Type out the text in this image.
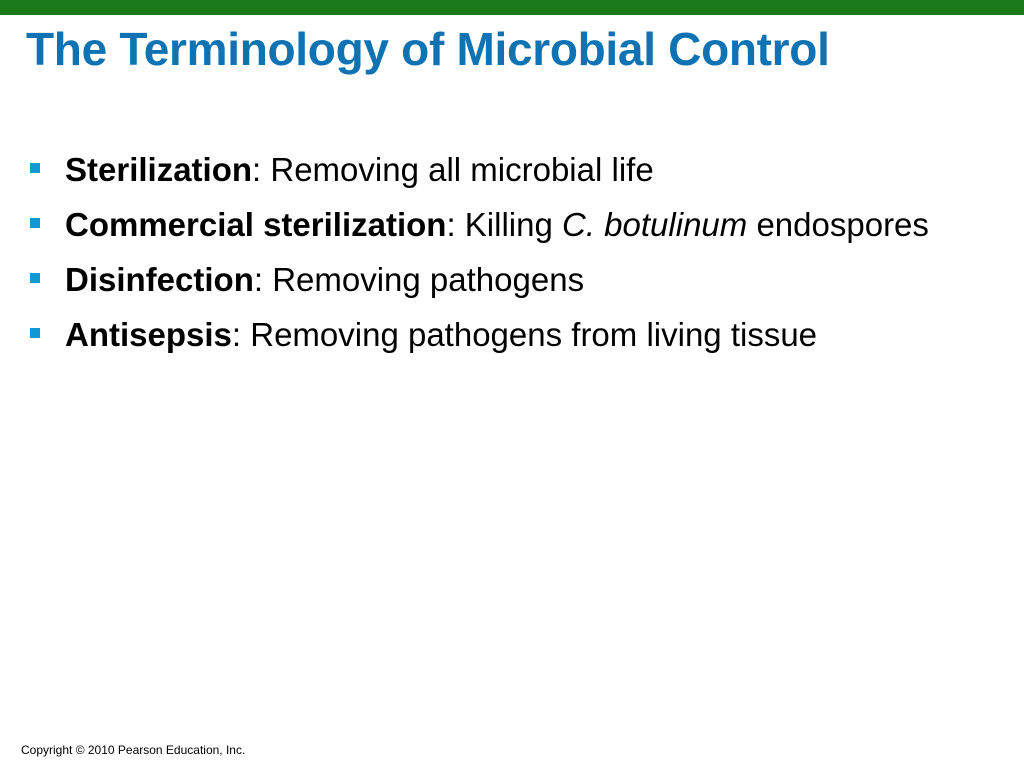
The Terminology of Microbial Control
Sterilization: Removing all microbial life
Commercial sterilization: Killing C. botulinum endospores
Disinfection: Removing pathogens
Antisepsis: Removing pathogens from living tissue
Copyright © 2010 Pearson Education, Inc.
